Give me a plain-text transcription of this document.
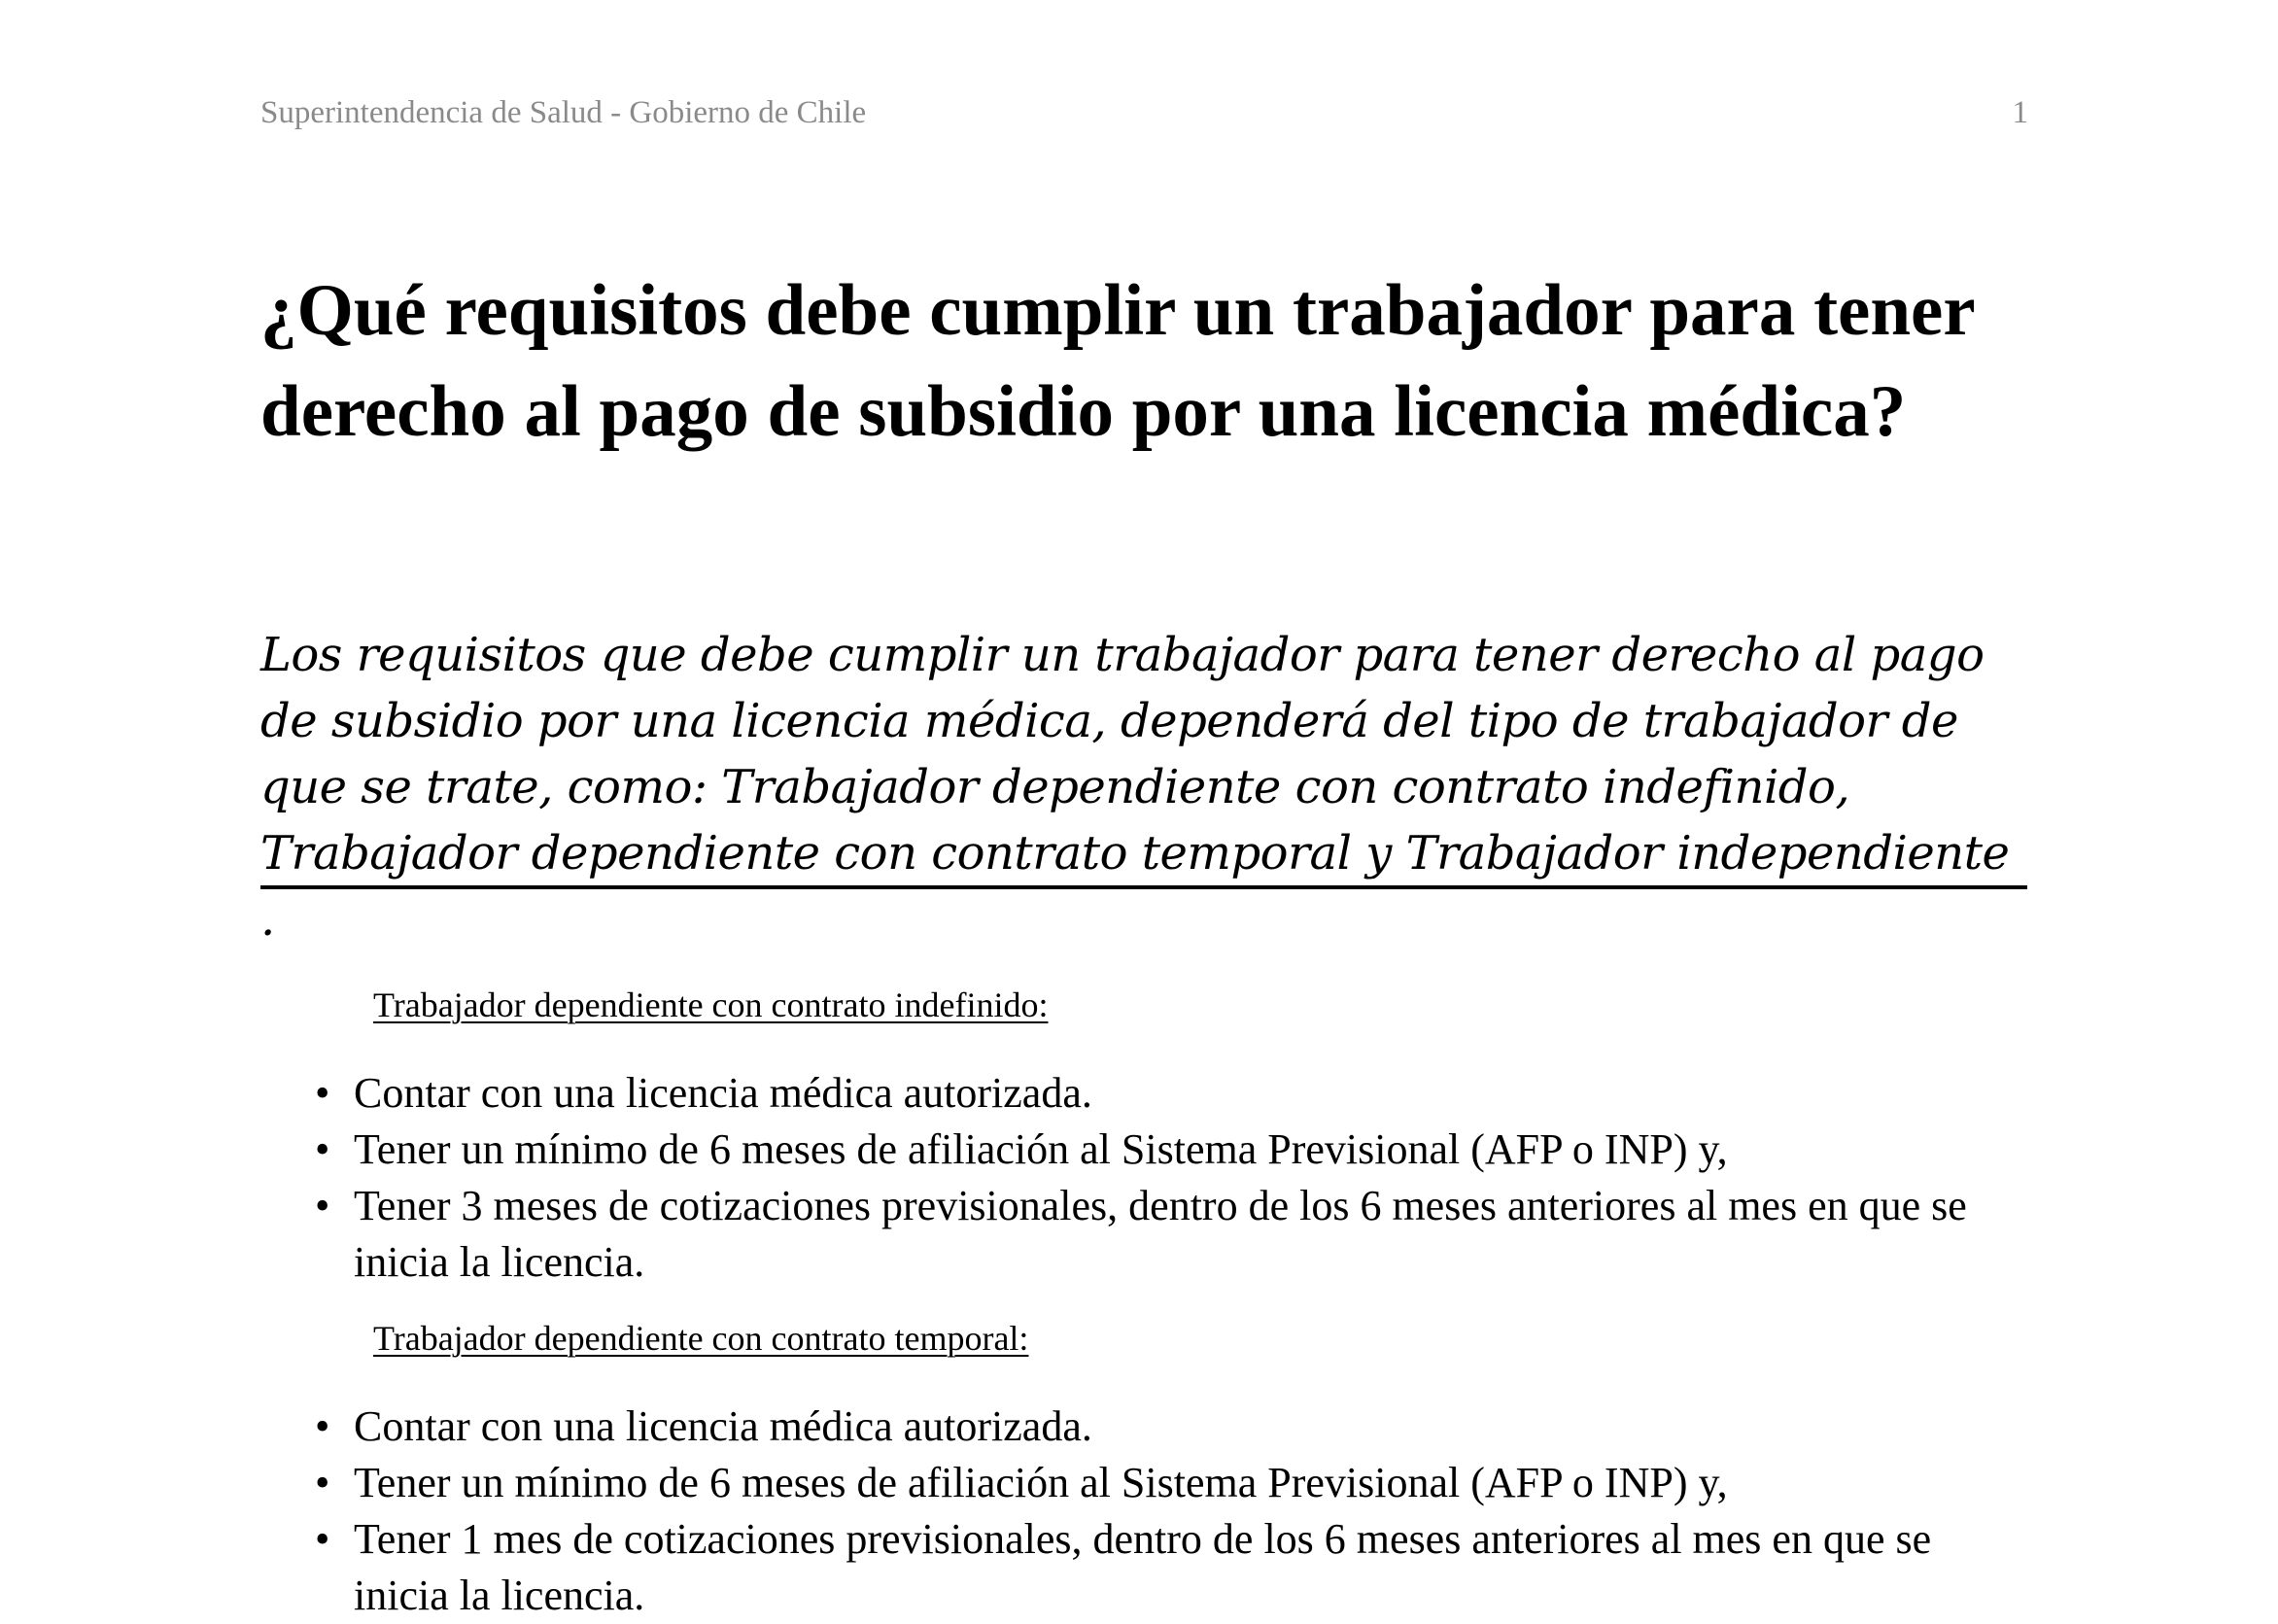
Superintendencia de Salud - Gobierno de Chile	1
¿Qué requisitos debe cumplir un trabajador para tener derecho al pago de subsidio por una licencia médica?

Los requisitos que debe cumplir un trabajador para tener derecho al pago de subsidio por una licencia médica, dependerá del tipo de trabajador de que se trate, como: Trabajador dependiente con contrato indefinido, Trabajador dependiente con contrato temporal y Trabajador independiente .

Trabajador dependiente con contrato indefinido:

• Contar con una licencia médica autorizada.
• Tener un mínimo de 6 meses de afiliación al Sistema Previsional (AFP o INP) y,
• Tener 3 meses de cotizaciones previsionales, dentro de los 6 meses anteriores al mes en que se inicia la licencia.

Trabajador dependiente con contrato temporal:

• Contar con una licencia médica autorizada.
• Tener un mínimo de 6 meses de afiliación al Sistema Previsional (AFP o INP) y,
• Tener 1 mes de cotizaciones previsionales, dentro de los 6 meses anteriores al mes en que se inicia la licencia.
